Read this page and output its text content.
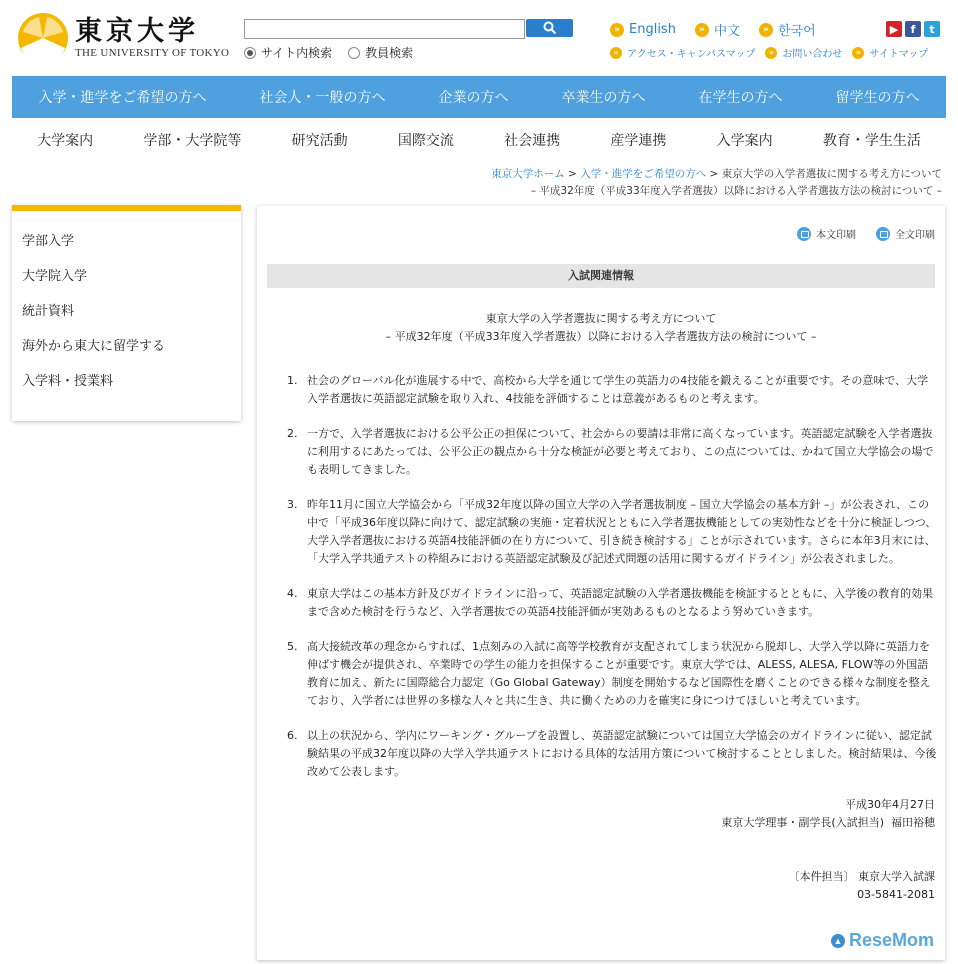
東京大学
THE UNIVERSITY OF TOKYO	サイト内検索	教員検索
» English	» 中文	» 한국어
» アクセス・キャンパスマップ	» お問い合わせ	» サイトマップ
▶	f	t
入学・進学をご希望の方へ	社会人・一般の方へ	企業の方へ	卒業生の方へ	在学生の方へ	留学生の方へ
大学案内	学部・大学院等	研究活動	国際交流	社会連携	産学連携	入学案内	教育・学生生活
東京大学ホーム > 入学・進学をご希望の方へ > 東京大学の入学者選抜に関する考え方について
– 平成32年度（平成33年度入学者選抜）以降における入学者選抜方法の検討について –
学部入学
大学院入学
統計資料
海外から東大に留学する
入学料・授業料
本文印刷	全文印刷
入試関連情報
東京大学の入学者選抜に関する考え方について
– 平成32年度（平成33年度入学者選抜）以降における入学者選抜方法の検討について –
1. 社会のグローバル化が進展する中で、高校から大学を通じて学生の英語力の4技能を鍛えることが重要です。その意味で、大学入学者選抜に英語認定試験を取り入れ、4技能を評価することは意義があるものと考えます。
2. 一方で、入学者選抜における公平公正の担保について、社会からの要請は非常に高くなっています。英語認定試験を入学者選抜に利用するにあたっては、公平公正の観点から十分な検証が必要と考えており、この点については、かねて国立大学協会の場でも表明してきました。
3. 昨年11月に国立大学協会から「平成32年度以降の国立大学の入学者選抜制度 – 国立大学協会の基本方針 –」が公表され、この中で「平成36年度以降に向けて、認定試験の実施・定着状況とともに入学者選抜機能としての実効性などを十分に検証しつつ、大学入学者選抜における英語4技能評価の在り方について、引き続き検討する」ことが示されています。さらに本年3月末には、「大学入学共通テストの枠組みにおける英語認定試験及び記述式問題の活用に関するガイドライン」が公表されました。
4. 東京大学はこの基本方針及びガイドラインに沿って、英語認定試験の入学者選抜機能を検証するとともに、入学後の教育的効果まで含めた検討を行うなど、入学者選抜での英語4技能評価が実効あるものとなるよう努めていきます。
5. 高大接続改革の理念からすれば、1点刻みの入試に高等学校教育が支配されてしまう状況から脱却し、大学入学以降に英語力を伸ばす機会が提供され、卒業時での学生の能力を担保することが重要です。東京大学では、ALESS, ALESA, FLOW等の外国語教育に加え、新たに国際総合力認定（Go Global Gateway）制度を開始するなど国際性を磨くことのできる様々な制度を整えており、入学者には世界の多様な人々と共に生き、共に働くための力を確実に身につけてほしいと考えています。
6. 以上の状況から、学内にワーキング・グループを設置し、英語認定試験については国立大学協会のガイドラインに従い、認定試験結果の平成32年度以降の大学入学共通テストにおける具体的な活用方策について検討することとしました。検討結果は、今後改めて公表します。
平成30年4月27日
東京大学理事・副学長(入試担当)  福田裕穂
〔本件担当〕 東京大学入試課
03-5841-2081
▲ ReseMom
